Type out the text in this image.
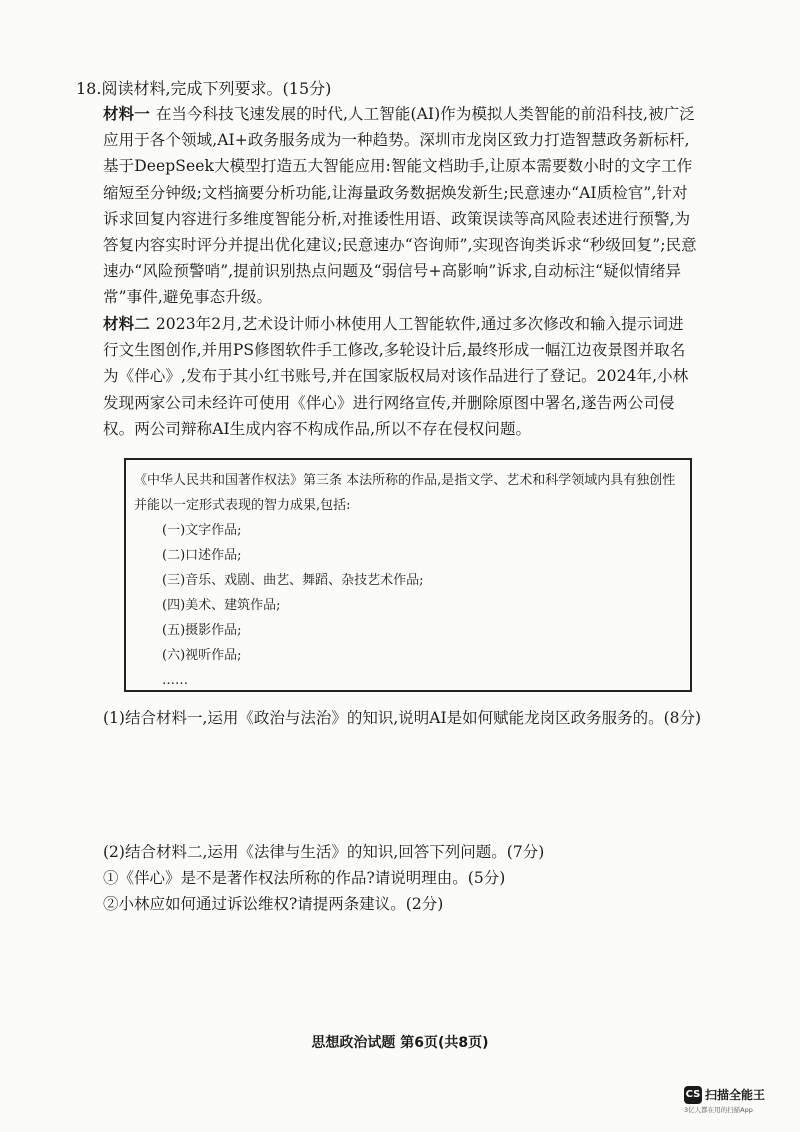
18.阅读材料,完成下列要求。(15分)
材料一 在当今科技飞速发展的时代,人工智能(AI)作为模拟人类智能的前沿科技,被广泛应用于各个领域,AI+政务服务成为一种趋势。深圳市龙岗区致力打造智慧政务新标杆,基于DeepSeek大模型打造五大智能应用:智能文档助手,让原本需要数小时的文字工作缩短至分钟级;文档摘要分析功能,让海量政务数据焕发新生;民意速办“AI质检官”,针对诉求回复内容进行多维度智能分析,对推诿性用语、政策误读等高风险表述进行预警,为答复内容实时评分并提出优化建议;民意速办“咨询师”,实现咨询类诉求“秒级回复”;民意速办“风险预警哨”,提前识别热点问题及“弱信号+高影响”诉求,自动标注“疑似情绪异常”事件,避免事态升级。
材料二 2023年2月,艺术设计师小林使用人工智能软件,通过多次修改和输入提示词进行文生图创作,并用PS修图软件手工修改,多轮设计后,最终形成一幅江边夜景图并取名为《伴心》,发布于其小红书账号,并在国家版权局对该作品进行了登记。2024年,小林发现两家公司未经许可使用《伴心》进行网络宣传,并删除原图中署名,遂告两公司侵权。两公司辩称AI生成内容不构成作品,所以不存在侵权问题。

《中华人民共和国著作权法》第三条 本法所称的作品,是指文学、艺术和科学领域内具有独创性并能以一定形式表现的智力成果,包括:

(一)文字作品;
(二)口述作品;
(三)音乐、戏剧、曲艺、舞蹈、杂技艺术作品;
(四)美术、建筑作品;
(五)摄影作品;
(六)视听作品;
……
(1)结合材料一,运用《政治与法治》的知识,说明AI是如何赋能龙岗区政务服务的。(8分)
(2)结合材料二,运用《法律与生活》的知识,回答下列问题。(7分)
①《伴心》是不是著作权法所称的作品?请说明理由。(5分)
②小林应如何通过诉讼维权?请提两条建议。(2分)
思想政治试题 第6页(共8页)
CS 扫描全能王
3亿人都在用的扫描App
